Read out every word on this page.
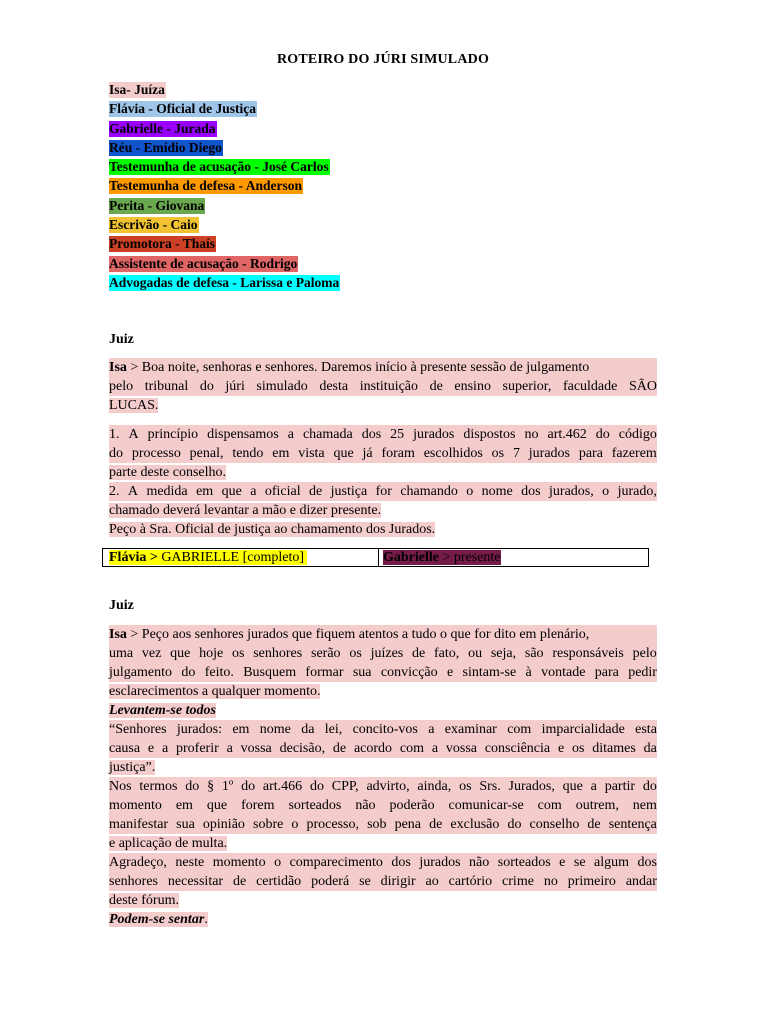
ROTEIRO DO JÚRI SIMULADO
Isa- Juíza
Flávia - Oficial de Justiça
Gabrielle - Jurada
Réu - Emídio Diego
Testemunha de acusação - José Carlos
Testemunha de defesa - Anderson
Perita - Giovana
Escrivão - Caio
Promotora - Thaís
Assistente de acusação - Rodrigo
Advogadas de defesa - Larissa e Paloma
Juiz
Isa > Boa noite, senhoras e senhores. Daremos início à presente sessão de julgamento
pelo tribunal do júri simulado desta instituição de ensino superior, faculdade SÃO
LUCAS.
1. A princípio dispensamos a chamada dos 25 jurados dispostos no art.462 do código
do processo penal, tendo em vista que já foram escolhidos os 7 jurados para fazerem
parte deste conselho.
2. A medida em que a oficial de justiça for chamando o nome dos jurados, o jurado,
chamado deverá levantar a mão e dizer presente.
Peço à Sra. Oficial de justiça ao chamamento dos Jurados.
Juiz
Isa > Peço aos senhores jurados que fiquem atentos a tudo o que for dito em plenário,
uma vez que hoje os senhores serão os juízes de fato, ou seja, são responsáveis pelo
julgamento do feito. Busquem formar sua convicção e sintam-se à vontade para pedir
esclarecimentos a qualquer momento.
Levantem-se todos
“Senhores jurados: em nome da lei, concito-vos a examinar com imparcialidade esta
causa e a proferir a vossa decisão, de acordo com a vossa consciência e os ditames da
justiça”.
Nos termos do § 1º do art.466 do CPP, advirto, ainda, os Srs. Jurados, que a partir do
momento em que forem sorteados não poderão comunicar-se com outrem, nem
manifestar sua opinião sobre o processo, sob pena de exclusão do conselho de sentença
e aplicação de multa.
Agradeço, neste momento o comparecimento dos jurados não sorteados e se algum dos
senhores necessitar de certidão poderá se dirigir ao cartório crime no primeiro andar
deste fórum.
Podem-se sentar.
Flávia > GABRIELLE [completo]	Gabrielle > presente
